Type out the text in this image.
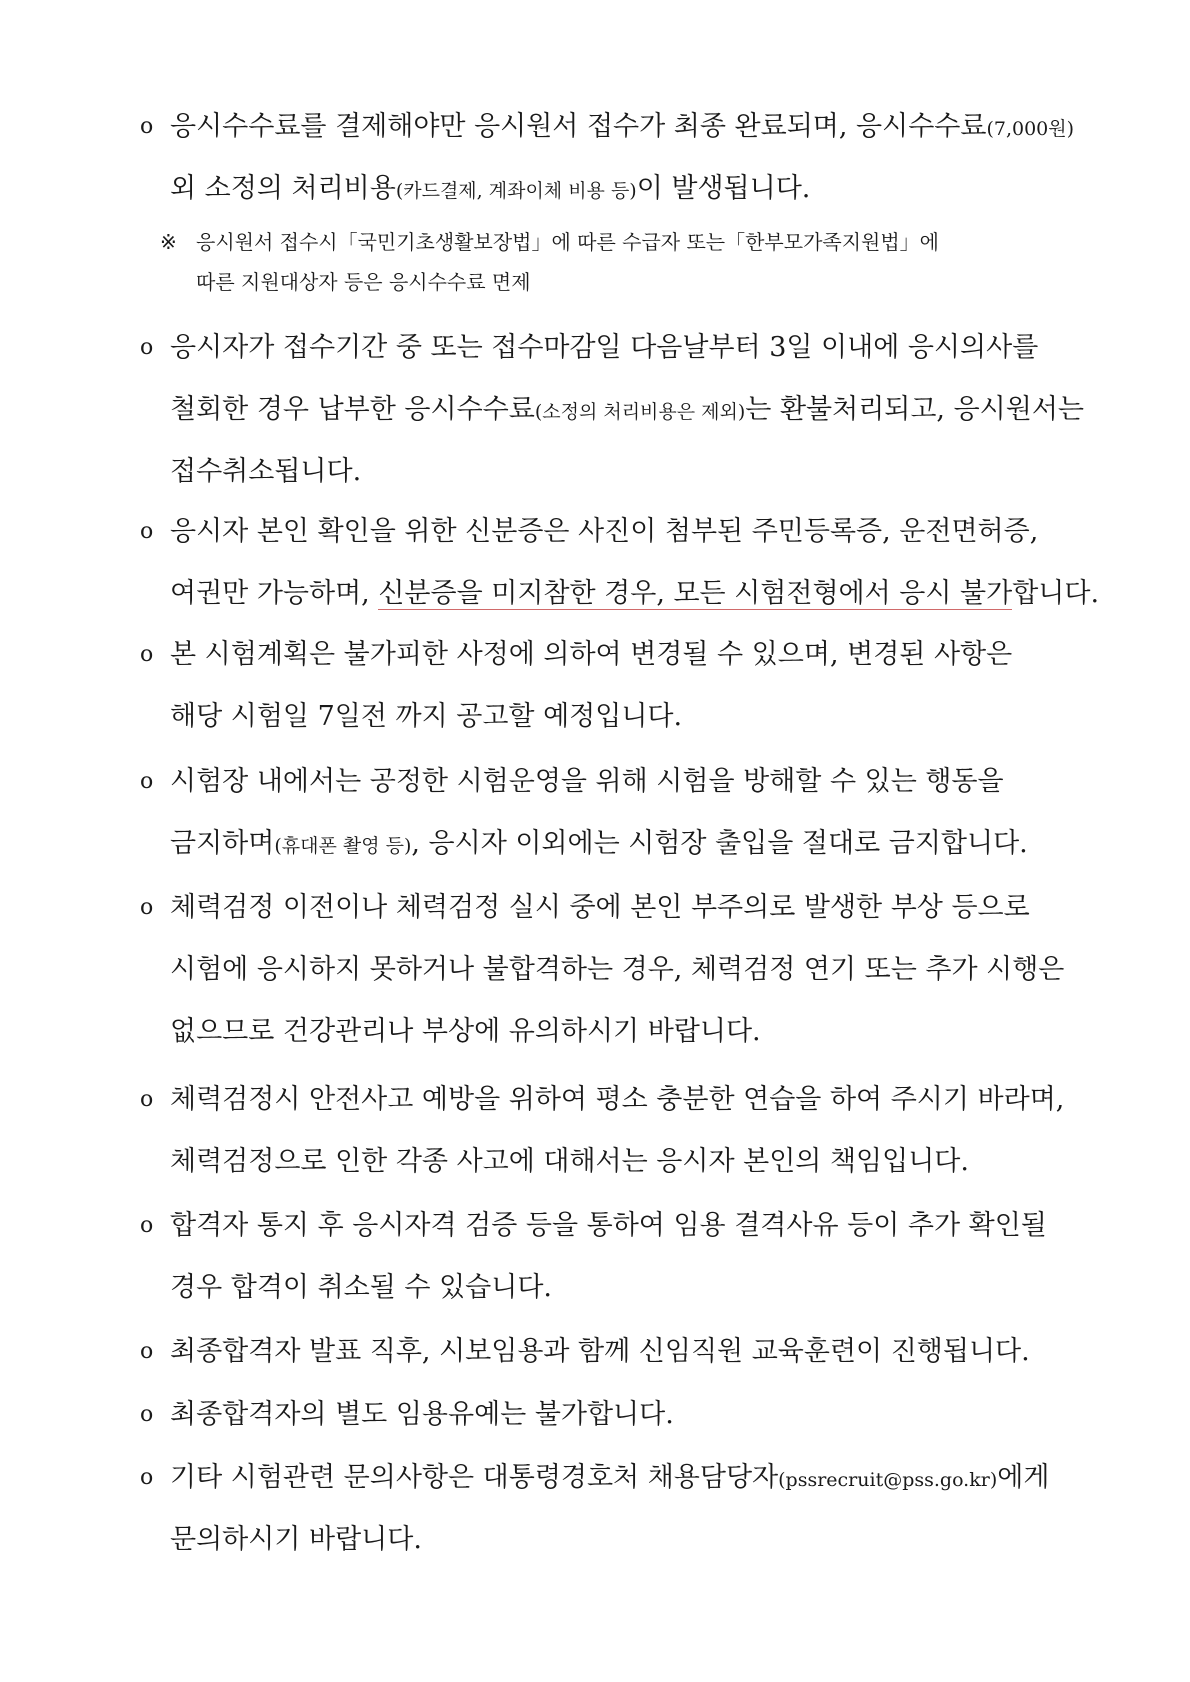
o 응시수수료를 결제해야만 응시원서 접수가 최종 완료되며, 응시수수료(7,000원)
외 소정의 처리비용(카드결제, 계좌이체 비용 등)이 발생됩니다.
※ 응시원서 접수시「국민기초생활보장법」에 따른 수급자 또는「한부모가족지원법」에
따른 지원대상자 등은 응시수수료 면제
o 응시자가 접수기간 중 또는 접수마감일 다음날부터 3일 이내에 응시의사를
철회한 경우 납부한 응시수수료(소정의 처리비용은 제외)는 환불처리되고, 응시원서는
접수취소됩니다.
o 응시자 본인 확인을 위한 신분증은 사진이 첨부된 주민등록증, 운전면허증,
여권만 가능하며, 신분증을 미지참한 경우, 모든 시험전형에서 응시 불가합니다.
o 본 시험계획은 불가피한 사정에 의하여 변경될 수 있으며, 변경된 사항은
해당 시험일 7일전 까지 공고할 예정입니다.
o 시험장 내에서는 공정한 시험운영을 위해 시험을 방해할 수 있는 행동을
금지하며(휴대폰 촬영 등), 응시자 이외에는 시험장 출입을 절대로 금지합니다.
o 체력검정 이전이나 체력검정 실시 중에 본인 부주의로 발생한 부상 등으로
시험에 응시하지 못하거나 불합격하는 경우, 체력검정 연기 또는 추가 시행은
없으므로 건강관리나 부상에 유의하시기 바랍니다.
o 체력검정시 안전사고 예방을 위하여 평소 충분한 연습을 하여 주시기 바라며,
체력검정으로 인한 각종 사고에 대해서는 응시자 본인의 책임입니다.
o 합격자 통지 후 응시자격 검증 등을 통하여 임용 결격사유 등이 추가 확인될
경우 합격이 취소될 수 있습니다.
o 최종합격자 발표 직후, 시보임용과 함께 신임직원 교육훈련이 진행됩니다.
o 최종합격자의 별도 임용유예는 불가합니다.
o 기타 시험관련 문의사항은 대통령경호처 채용담당자(pssrecruit@pss.go.kr)에게
문의하시기 바랍니다.
